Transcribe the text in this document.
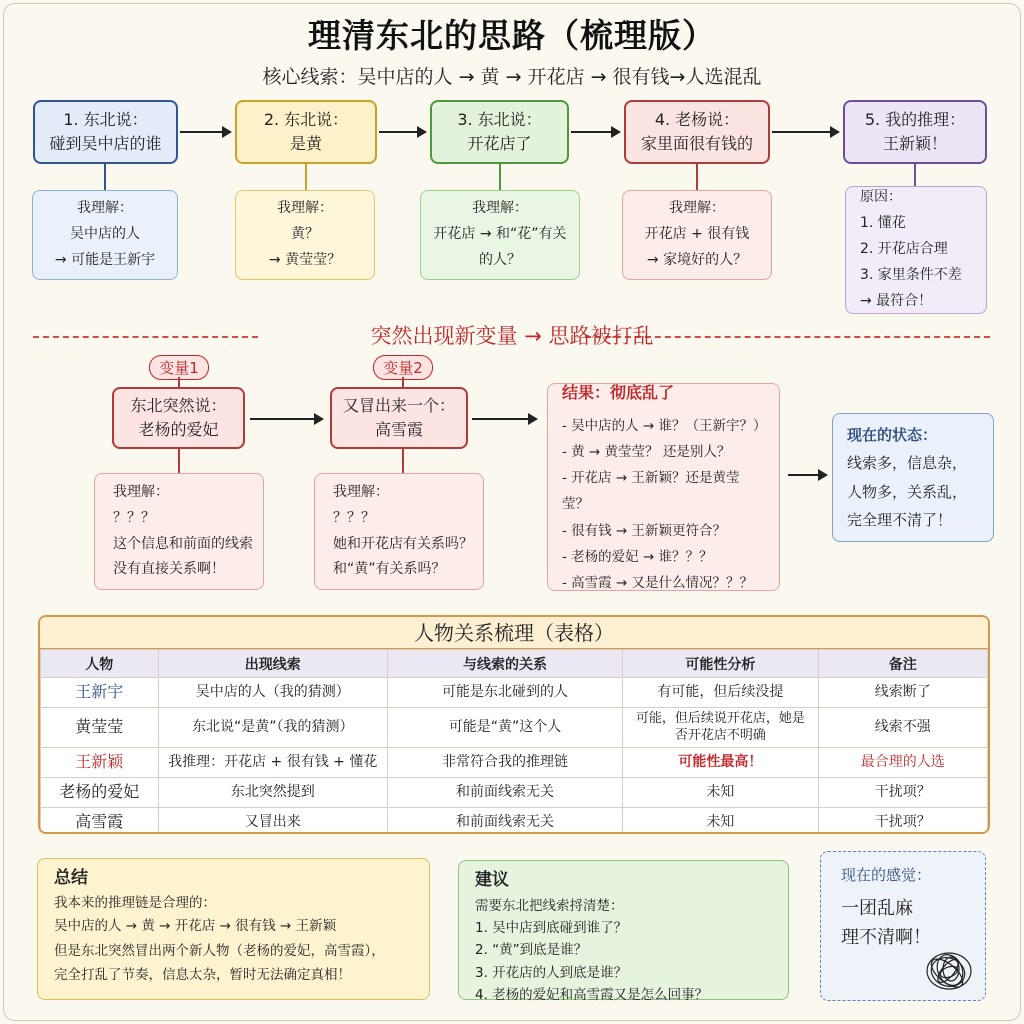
理清东北的思路（梳理版）
核心线索：吴中店的人 → 黄 → 开花店 → 很有钱→人选混乱
1. 东北说：
碰到吴中店的谁
2. 东北说：
是黄
3. 东北说：
开花店了
4. 老杨说：
家里面很有钱的
5. 我的推理：
王新颖！
我理解：
吴中店的人
→ 可能是王新宇
我理解：
黄？
→ 黄莹莹？
我理解：
开花店 → 和“花”有关
的人？
我理解：
开花店 + 很有钱
→ 家境好的人？
原因：
1. 懂花
2. 开花店合理
3. 家里条件不差
→ 最符合！
突然出现新变量 → 思路被打乱
变量1	变量2
东北突然说：
老杨的爱妃
又冒出来一个：
高雪霞
我理解：
？？？
这个信息和前面的线索
没有直接关系啊！
我理解：
？？？
她和开花店有关系吗？
和“黄”有关系吗？
结果：彻底乱了
- 吴中店的人 → 谁？（王新宇？）
- 黄 → 黄莹莹？ 还是别人？
- 开花店 → 王新颖？还是黄莹莹？
- 很有钱 → 王新颖更符合？
- 老杨的爱妃 → 谁？？？
- 高雪霞 → 又是什么情况？？？
现在的状态：
线索多，信息杂，
人物多，关系乱，
完全理不清了！
人物关系梳理（表格）
人物	出现线索	与线索的关系	可能性分析	备注
王新宇	吴中店的人（我的猜测）	可能是东北碰到的人	有可能，但后续没提	线索断了
黄莹莹	东北说“是黄”（我的猜测）	可能是“黄”这个人	可能，但后续说开花店，她是否开花店不明确	线索不强
王新颖	我推理：开花店 + 很有钱 + 懂花	非常符合我的推理链	可能性最高！	最合理的人选
老杨的爱妃	东北突然提到	和前面线索无关	未知	干扰项？
高雪霞	又冒出来	和前面线索无关	未知	干扰项？
总结
我本来的推理链是合理的：
吴中店的人 → 黄 → 开花店 → 很有钱 → 王新颖
但是东北突然冒出两个新人物（老杨的爱妃，高雪霞），
完全打乱了节奏，信息太杂，暂时无法确定真相！
建议
需要东北把线索捋清楚：
1. 吴中店到底碰到谁了？
2. “黄”到底是谁？
3. 开花店的人到底是谁？
4. 老杨的爱妃和高雪霞又是怎么回事？
现在的感觉：
一团乱麻
理不清啊！
